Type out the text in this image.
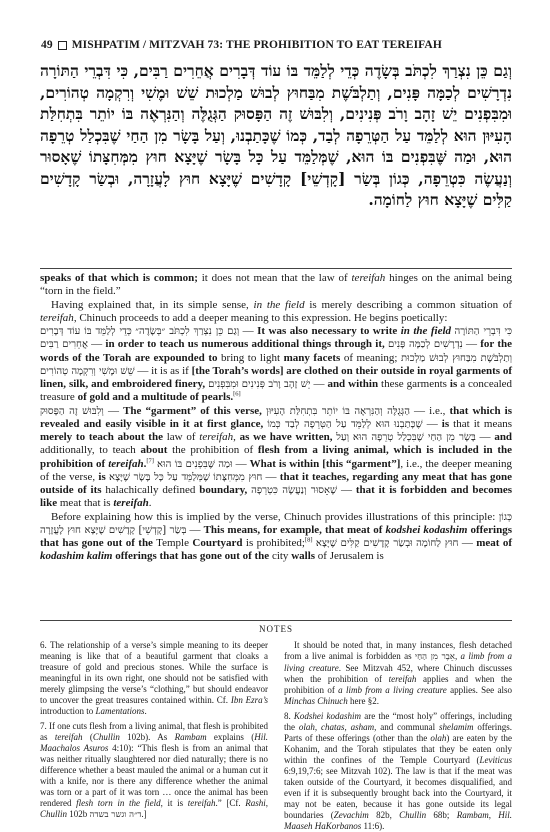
49 MISHPATIM / MITZVAH 73: THE PROHIBITION TO EAT TEREIFAH
וְגַם כֵּן נִצְרַךְ לִכְתֹּב בְּשָׂדֶה כְּדֵי לְלַמֵּד בּוֹ עוֹד דְּבָרִים אֲחֵרִים רַבִּים, כִּי דִּבְרֵי הַתּוֹרָה נִדְרָשִׁים לְכַמָּה פָּנִים, וְתַלְבֹּשֶׁת מִבַּחוּץ לְבוּשׁ מַלְכוּת שֵׁשׁ וּמֶשִׁי וְרִקְמָה טְהוֹרִים, וּמִבִּפְנִים יֵשׁ זָהָב וָרֹב פְּנִינִים, וְלִבּוּשׁ זֶה הַפָּסוּק הַגְּגֻלֶּה וְהַנִּרְאֶה בּוֹ יוֹתֵר בִּתְחִלַּת הָעִיּוּן הוּא לְלַמֵּד עַל הַטְּרֵפָה לְבַד, כְּמוֹ שֶׁכָּתַבְנוּ, וְעַל בָּשָׂר מִן הַחַי שֶׁבִּכְלַל טְרֵפָה הוּא, וּמַה שֶּׁבִּפְנִים בּוֹ הוּא, שֶׁמְּלַמֵּד עַל כָּל בָּשָׂר שֶׁיָּצָא חוּץ מִמְּחִצָּתוֹ שֶׁאָסוּר וְנַעֲשֶׂה כִּטְרֵפָה, כְּגוֹן בְּשַׂר [קָדְשֵׁי] קָדָשִׁים שֶׁיָּצָא חוּץ לָעֲזָרָה, וּבְשַׂר קָדָשִׁים קַלִּים שֶׁיָּצָא חוּץ לַחוֹמָה.

speaks of that which is common; it does not mean that the law of tereifah hinges on the animal being “torn in the field.”

Having explained that, in its simple sense, in the field is merely describing a common situation of tereifah, Chinuch proceeds to add a deeper meaning to this expression. He begins poetically:

כְּדֵי לְלַמֵּד בּוֹ עוֹד דְּבָרִים וְגַם כֵּן נִצְרַךְ לִכְתֹּב ״בְּשָׂדֶה״ — It was also necessary to write in the field כִּי דִּבְרֵי הַתּוֹרָה אֲחֵרִים רַבִּים — in order to teach us numerous additional things through it, נִדְרָשִׁים לְכַמָּה פָּנִים — for the words of the Torah are expounded to bring to light many facets of meaning; וְתַלְבֹּשֶׁת מִבַּחוּץ לְבוּשׁ מַלְכוּת שֵׁשׁ וּמֶשִׁי וְרִקְמָה טְהוֹרִים — it is as if [the Torah’s words] are clothed on their outside in royal garments of linen, silk, and embroidered finery, וּמִבִּפְנִים יֵשׁ זָהָב וָרֹב פְּנִינִים — and within these garments is a concealed treasure of gold and a multitude of pearls.[6]

וְלִבּוּשׁ זֶה הַפָּסוּק — The “garment” of this verse, הַגְּגֻלֶּה וְהַנִּרְאֶה בּוֹ יוֹתֵר בִּתְחִלַּת הָעִיּוּן — i.e., that which is revealed and easily visible in it at first glance, הוּא לְלַמֵּד עַל הַטְּרֵפָה לְבַד כְּמוֹ שֶׁכָּתַבְנוּ — is that it means merely to teach about the law of tereifah, as we have written, וְעַל בָּשָׂר מִן הַחַי שֶׁבִּכְלַל טְרֵפָה הוּא — and additionally, to teach about the prohibition of flesh from a living animal, which is included in the prohibition of tereifah.[7] וּמַה שֶּׁבִּפְנִים בּוֹ הוּא — What is within [this “garment”], i.e., the deeper meaning of the verse, is שֶׁמְּלַמֵּד עַל כָּל בָּשָׂר שֶׁיָּצָא חוּץ מִמְּחִצָּתוֹ — that it teaches, regarding any meat that has gone outside of its halachically defined boundary, שֶׁאָסוּר וְנַעֲשֶׂה כִּטְרֵפָה — that it is forbidden and becomes like meat that is tereifah.

Before explaining how this is implied by the verse, Chinuch provides illustrations of this principle: כְּגוֹן בְּשַׂר [קָדְשֵׁי] קָדָשִׁים שֶׁיָּצָא חוּץ לָעֲזָרָה — This means, for example, that meat of kodshei kodashim offerings that has gone out of the Temple Courtyard is prohibited;[8] וּבְשַׂר קָדָשִׁים קַלִּים שֶׁיָּצָא חוּץ לַחוֹמָה — meat of kodashim kalim offerings that has gone out of the city walls of Jerusalem is

NOTES

6. The relationship of a verse’s simple meaning to its deeper meaning is like that of a beautiful garment that cloaks a treasure of gold and precious stones. While the surface is meaningful in its own right, one should not be satisfied with merely glimpsing the verse’s “clothing,” but should endeavor to uncover the great treasures contained within. Cf. Ibn Ezra’s introduction to Lamentations.

7. If one cuts flesh from a living animal, that flesh is prohibited as tereifah (Chullin 102b). As Rambam explains (Hil. Maachalos Asuros 4:10): “This flesh is from an animal that was neither ritually slaughtered nor died naturally; there is no difference whether a beast mauled the animal or a human cut it with a knife, nor is there any difference whether the animal was torn or a part of it was torn … once the animal has been rendered flesh torn in the field, it is tereifah.” [Cf. Rashi, Chullin 102b ד״ה וגשר בשדה.]

It should be noted that, in many instances, flesh detached from a live animal is forbidden as אֵבֶר מִן הַחַי, a limb from a living creature. See Mitzvah 452, where Chinuch discusses when the prohibition of tereifah applies and when the prohibition of a limb from a living creature applies. See also Minchas Chinuch here §2.

8. Kodshei kodashim are the “most holy” offerings, including the olah, chatas, asham, and communal shelamim offerings. Parts of these offerings (other than the olah) are eaten by the Kohanim, and the Torah stipulates that they be eaten only within the confines of the Temple Courtyard (Leviticus 6:9,19,7:6; see Mitzvah 102). The law is that if the meat was taken outside of the Courtyard, it becomes disqualified, and even if it is subsequently brought back into the Courtyard, it may not be eaten, because it has gone outside its legal boundaries (Zevachim 82b, Chullin 68b; Rambam, Hil. Maaseh HaKorbanos 11:6).
